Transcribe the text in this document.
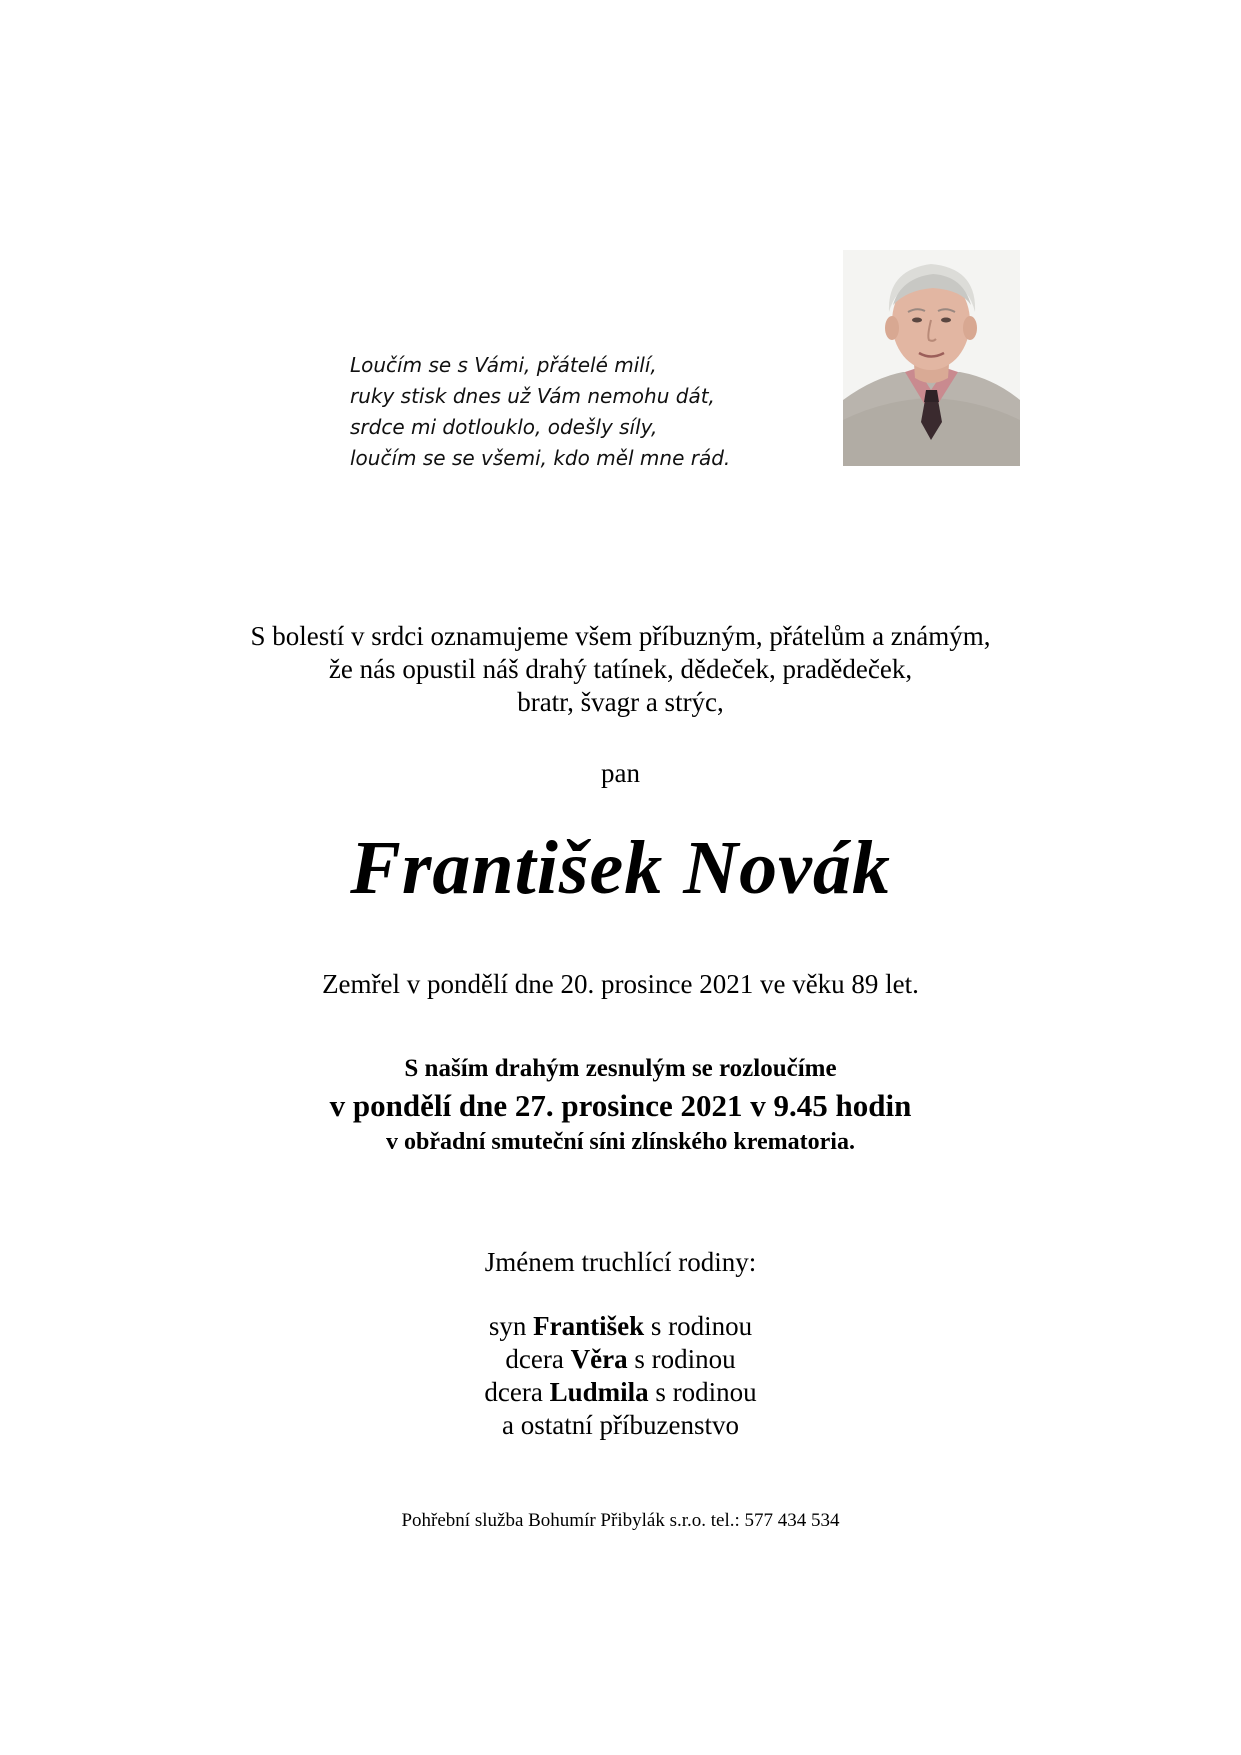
Loučím se s Vámi, přátelé milí,
ruky stisk dnes už Vám nemohu dát,
srdce mi dotlouklo, odešly síly,
loučím se se všemi, kdo měl mne rád.
S bolestí v srdci oznamujeme všem příbuzným, přátelům a známým,
že nás opustil náš drahý tatínek, dědeček, pradědeček,
bratr, švagr a strýc,
pan
František Novák
Zemřel v pondělí dne 20. prosince 2021 ve věku 89 let.
S naším drahým zesnulým se rozloučíme
v pondělí dne 27. prosince 2021 v 9.45 hodin
v obřadní smuteční síni zlínského krematoria.
Jménem truchlící rodiny:
syn František s rodinou
dcera Věra s rodinou
dcera Ludmila s rodinou
a ostatní příbuzenstvo
Pohřební služba Bohumír Přibylák s.r.o. tel.: 577 434 534
